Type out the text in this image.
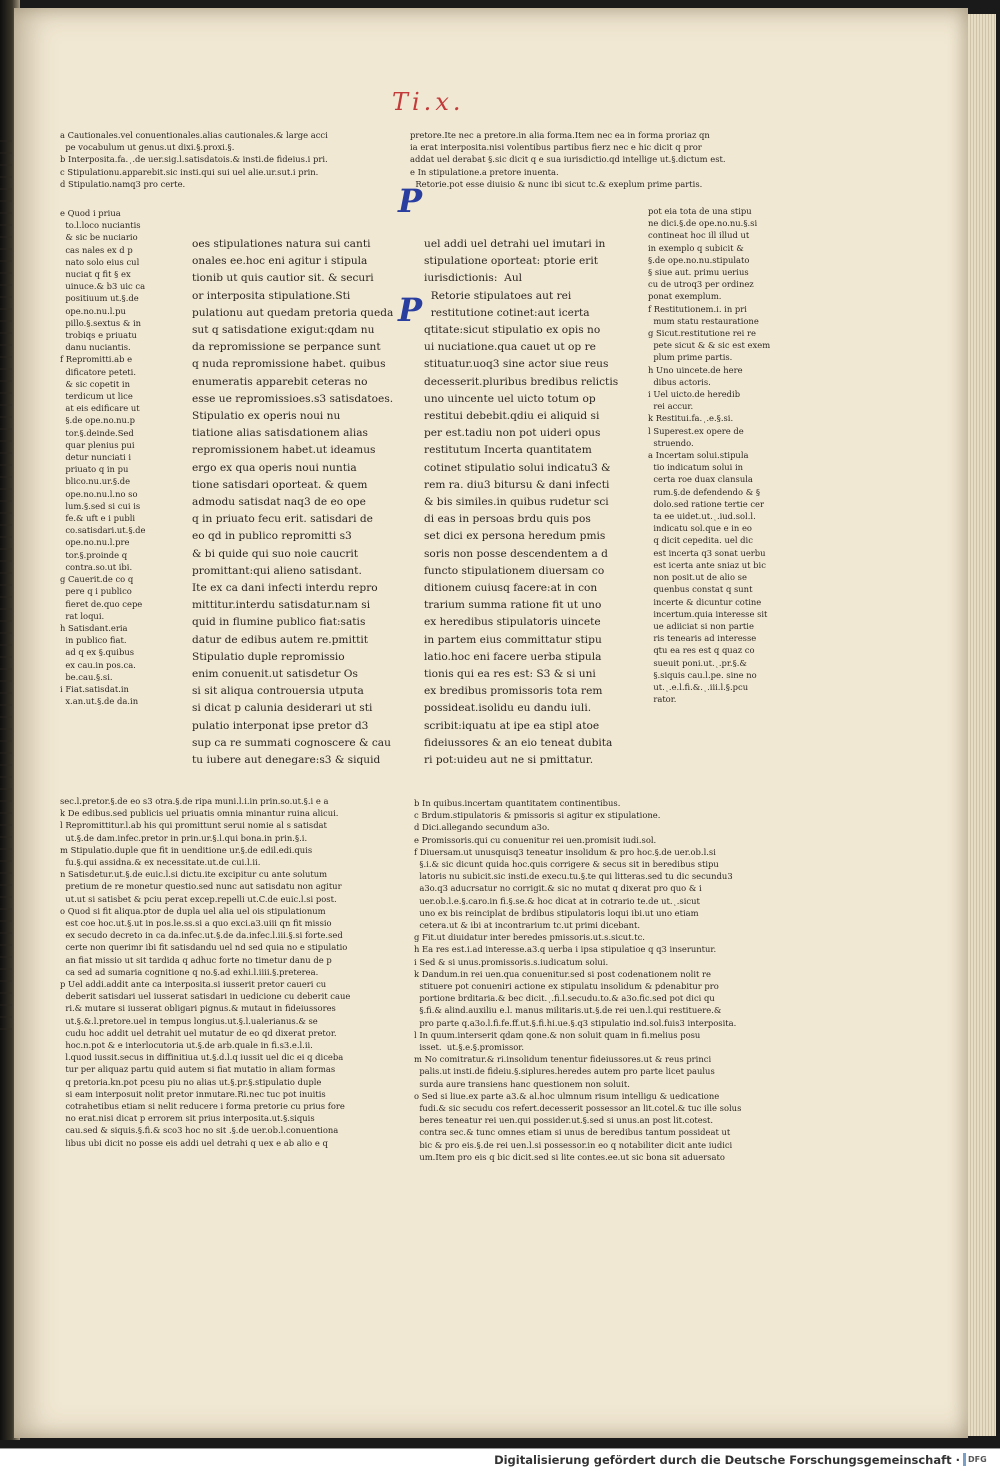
Ti.x.
a Cautionales.vel conuentionales.alias cautionales.& large acci
pe vocabulum ut genus.ut dixi.§.proxi.§.
b Interposita.fa.ͺ.de uer.sig.l.satisdatois.& insti.de fideius.i pri.
c Stipulationu.apparebit.sic insti.qui sui uel alie.ur.sut.i prin.
d Stipulatio.namq3 pro certe.
pretore.Ite nec a pretore.in alia forma.Item nec ea in forma proriaz qn
ia erat interposita.nisi volentibus partibus fierz nec e hic dicit q pror
addat uel derabat §.sic dicit q e sua iurisdictio.qd intellige ut.§.dictum est.
e In stipulatione.a pretore inuenta.
Retorie.pot esse diuisio & nunc ibi sicut tc.& exeplum prime partis.
e Quod i priua
to.l.loco nuciantis
& sic be nuciario
cas nales ex d p
nato solo eius cul
nuciat q fit § ex
uinuce.& b3 uic ca
positiuum ut.§.de
ope.no.nu.l.pu
pillo.§.sextus & in
trobiqs e priuatu
danu nuciantis.
f Repromitti.ab e
dificatore peteti.
& sic copetit in
terdicum ut lice
at eis edificare ut
§.de ope.no.nu.p
tor.§.deinde.Sed
quar plenius pui
detur nunciati i
priuato q in pu
blico.nu.ur.§.de
ope.no.nu.l.no so
lum.§.sed si cui is
fe.& uft e i publi
co.satisdari.ut.§.de
ope.no.nu.l.pre
tor.§.proinde q
contra.so.ut ibi.
g Cauerit.de co q
pere q i publico
fieret de.quo cepe
rat loqui.
h Satisdant.eria
in publico fiat.
ad q ex §.quibus
ex cau.in pos.ca.
be.cau.§.si.
i Fiat.satisdat.in
x.an.ut.§.de da.in
oes stipulationes natura sui canti
onales ee.hoc eni agitur i stipula
tionib ut quis cautior sit. & securi
or interposita stipulatione.Sti
pulationu aut quedam pretoria queda
sut q satisdatione exigut:qdam nu
da repromissione se perpance sunt
q nuda repromissione habet. quibus
enumeratis apparebit ceteras no
esse ue repromissioes.s3 satisdatoes.
Stipulatio ex operis noui nu
tiatione alias satisdationem alias
repromissionem habet.ut ideamus
ergo ex qua operis noui nuntia
tione satisdari oporteat. & quem
admodu satisdat naq3 de eo ope
q in priuato fecu erit. satisdari de
eo qd in publico repromitti s3
& bi quide qui suo noie caucrit
promittant:qui alieno satisdant.
Ite ex ca dani infecti interdu repro
mittitur.interdu satisdatur.nam si
quid in flumine publico fiat:satis
datur de edibus autem re.pmittit
Stipulatio duple repromissio
enim conuenit.ut satisdetur Os
si sit aliqua controuersia utputa
si dicat p calunia desiderari ut sti
pulatio interponat ipse pretor d3
sup ca re summati cognoscere & cau
tu iubere aut denegare:s3 & siquid
P
P
uel addi uel detrahi uel imutari in
stipulatione oporteat: ptorie erit
iurisdictionis:  Aul
Retorie stipulatoes aut rei
restitutione cotinet:aut icerta
qtitate:sicut stipulatio ex opis no
ui nuciatione.qua cauet ut op re
stituatur.uoq3 sine actor siue reus
decesserit.pluribus bredibus relictis
uno uincente uel uicto totum op
restitui debebit.qdiu ei aliquid si
per est.tadiu non pot uideri opus
restitutum Incerta quantitatem
cotinet stipulatio solui indicatu3 &
rem ra. diu3 bitursu & dani infecti
& bis similes.in quibus rudetur sci
di eas in persoas brdu quis pos
set dici ex persona heredum pmis
soris non posse descendentem a d
functo stipulationem diuersam co
ditionem cuiusq facere:at in con
trarium summa ratione fit ut uno
ex heredibus stipulatoris uincete
in partem eius committatur stipu
latio.hoc eni facere uerba stipula
tionis qui ea res est: S3 & si uni
ex bredibus promissoris tota rem
possideat.isolidu eu dandu iuli.
scribit:iquatu at ipe ea stipl atoe
fideiussores & an eio teneat dubita
ri pot:uideu aut ne si pmittatur.
pot eia tota de una stipu
ne dici.§.de ope.no.nu.§.si
contineat hoc ill illud ut
in exemplo q subicit &
§.de ope.no.nu.stipulato
§ siue aut. primu uerius
cu de utroq3 per ordinez
ponat exemplum.
f Restitutionem.i. in pri
mum statu restauratione
g Sicut.restitutione rei re
pete sicut & & sic est exem
plum prime partis.
h Uno uincete.de here
dibus actoris.
i Uel uicto.de heredib
rei accur.
k Restitui.fa.ͺ.e.§.si.
l Superest.ex opere de
struendo.
a Incertam solui.stipula
tio indicatum solui in
certa roe duax clansula
rum.§.de defendendo & §
dolo.sed ratione tertie cer
ta ee uidet.ut.ͺ.iud.sol.l.
indicatu sol.que e in eo
q dicit cepedita. uel dic
est incerta q3 sonat uerbu
est icerta ante sniaz ut bic
non posit.ut de alio se
quenbus constat q sunt
incerte & dicuntur cotine
incertum.quia interesse sit
ue adiiciat si non partie
ris tenearis ad interesse
qtu ea res est q quaz co
sueuit poni.ut.ͺ.pr.§.&
§.siquis cau.l.pe. sine no
ut.ͺ.e.l.fi.&.ͺ.iii.l.§.pcu
rator.
sec.l.pretor.§.de eo s3 otra.§.de ripa muni.l.i.in prin.so.ut.§.i e a
k De edibus.sed publicis uel priuatis omnia minantur ruina alicui.
l Repromittitur.l.ab his qui promittunt serui nomie al s satisdat
ut.§.de dam.infec.pretor in prin.ur.§.l.qui bona.in prin.§.i.
m Stipulatio.duple que fit in uenditione ur.§.de edil.edi.quis
fu.§.qui assidna.& ex necessitate.ut.de cui.l.ii.
n Satisdetur.ut.§.de euic.l.si dictu.ite excipitur cu ante solutum
pretium de re monetur questio.sed nunc aut satisdatu non agitur
ut.ut si satisbet & pciu perat excep.repelli ut.C.de euic.l.si post.
o Quod si fit aliqua.ptor de dupla uel alia uel ois stipulationum
est coe hoc.ut.§.ut in pos.le.ss.si a quo exci.a3.uiii qn fit missio
ex secudo decreto in ca da.infec.ut.§.de da.infec.l.iii.§.si forte.sed
certe non querimr ibi fit satisdandu uel nd sed quia no e stipulatio
an fiat missio ut sit tardida q adhuc forte no timetur danu de p
ca sed ad sumaria cognitione q no.§.ad exhi.l.iiii.§.preterea.
p Uel addi.addit ante ca interposita.si iusserit pretor caueri cu
deberit satisdari uel iusserat satisdari in uedicione cu deberit caue
ri.& mutare si iusserat obligari pignus.& mutaut in fideiussores
ut.§.&.l.pretore.uel in tempus longius.ut.§.l.ualerianus.& se
cudu hoc addit uel detrahit uel mutatur de eo qd dixerat pretor.
hoc.n.pot & e interlocutoria ut.§.de arb.quale in fi.s3.e.l.ii.
l.quod iussit.secus in diffinitiua ut.§.d.l.q iussit uel dic ei q diceba
tur per aliquaz partu quid autem si fiat mutatio in aliam formas
q pretoria.kn.pot pcesu piu no alias ut.§.pr.§.stipulatio duple
si eam interposuit nolit pretor inmutare.Ri.nec tuc pot inuitis
cotrahetibus etiam si nelit reducere i forma pretorie cu prius fore
no erat.nisi dicat p errorem sit prius interposita.ut.§.siquis
cau.sed & siquis.§.fi.& sco3 hoc no sit .§.de uer.ob.l.conuentiona
libus ubi dicit no posse eis addi uel detrahi q uex e ab alio e q
b In quibus.incertam quantitatem continentibus.
c Brdum.stipulatoris & pmissoris si agitur ex stipulatione.
d Dici.allegando secundum a3o.
e Promissoris.qui cu conuenitur rei uen.promisit iudi.sol.
f Diuersam.ut unusquisq3 teneatur insolidum & pro hoc.§.de uer.ob.l.si
§.i.& sic dicunt quida hoc.quis corrigere & secus sit in beredibus stipu
latoris nu subicit.sic insti.de execu.tu.§.te qui litteras.sed tu dic secundu3
a3o.q3 aducrsatur no corrigit.& sic no mutat q dixerat pro quo & i
uer.ob.l.e.§.caro.in fi.§.se.& hoc dicat at in cotrario te.de ut.ͺ.sicut
uno ex bis reinciplat de brdibus stipulatoris loqui ibi.ut uno etiam
cetera.ut & ibi at incontrarium tc.ut primi dicebant.
g Fit.ut diuidatur inter beredes pmissoris.ut.s.sicut.tc.
h Ea res est.i.ad interesse.a3.q uerba i ipsa stipulatioe q q3 inseruntur.
i Sed & si unus.promissoris.s.iudicatum solui.
k Dandum.in rei uen.qua conuenitur.sed si post codenationem nolit re
stituere pot conueniri actione ex stipulatu insolidum & pdenabitur pro
portione brditaria.& bec dicit.ͺ.fi.l.secudu.to.& a3o.fic.sed pot dici qu
§.fi.& alind.auxiliu e.l. manus militaris.ut.§.de rei uen.l.qui restituere.&
pro parte q.a3o.l.fi.fe.ff.ut.§.fi.hi.ue.§.q3 stipulatio ind.sol.fuis3 interposita.
l In quum.interserit qdam qone.& non soluit quam in fi.melius posu
isset.  ut.§.e.§.promissor.
m No comitratur.& ri.insolidum tenentur fideiussores.ut & reus princi
palis.ut insti.de fideiu.§.siplures.heredes autem pro parte licet paulus
surda aure transiens hanc questionem non soluit.
o Sed si liue.ex parte a3.& al.hoc ulmnum risum intelligu & uedicatione
fudi.& sic secudu cos refert.decesserit possessor an lit.cotel.& tuc ille solus
beres teneatur rei uen.qui possider.ut.§.sed si unus.an post lit.cotest.
contra sec.& tunc omnes etiam si unus de beredibus tantum possideat ut
bic & pro eis.§.de rei uen.l.si possessor.in eo q notabiliter dicit ante iudici
um.Item pro eis q bic dicit.sed si lite contes.ee.ut sic bona sit aduersato
Digitalisierung gefördert durch die Deutsche Forschungsgemeinschaft ·	DFG
